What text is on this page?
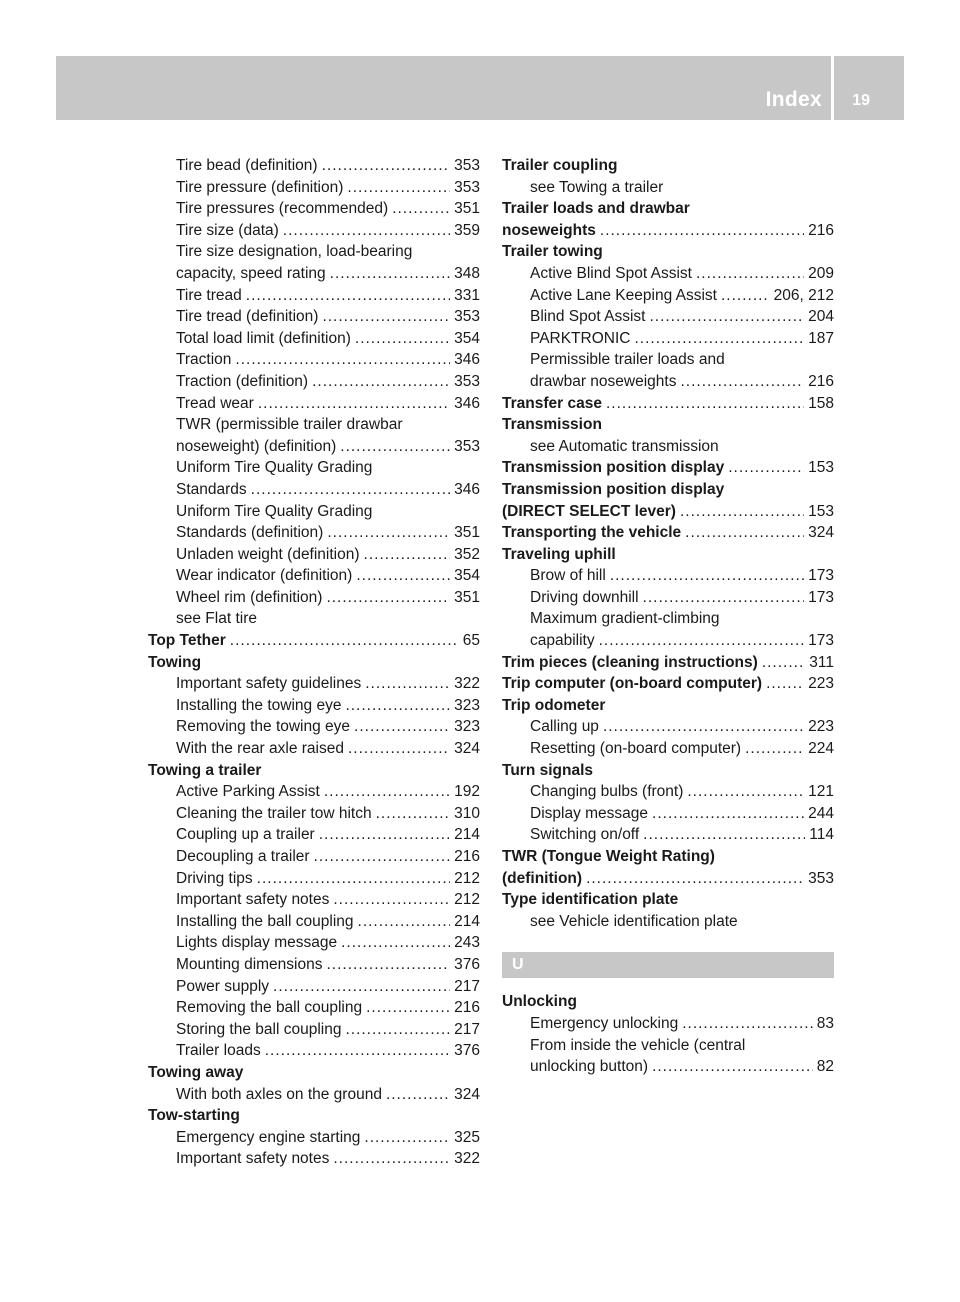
Index 19
Tire bead (definition) .....	353
Tire pressure (definition) .....	353
Tire pressures (recommended) .....	351
Tire size (data) .....	359
Tire size designation, load-bearing
capacity, speed rating .....	348
Tire tread .....	331
Tire tread (definition) .....	353
Total load limit (definition) .....	354
Traction .....	346
Traction (definition) .....	353
Tread wear .....	346
TWR (permissible trailer drawbar
noseweight) (definition) .....	353
Uniform Tire Quality Grading
Standards .....	346
Uniform Tire Quality Grading
Standards (definition) .....	351
Unladen weight (definition) .....	352
Wear indicator (definition) .....	354
Wheel rim (definition) .....	351
see Flat tire
Top Tether .....	65
Towing
Important safety guidelines .....	322
Installing the towing eye .....	323
Removing the towing eye .....	323
With the rear axle raised .....	324
Towing a trailer
Active Parking Assist .....	192
Cleaning the trailer tow hitch .....	310
Coupling up a trailer .....	214
Decoupling a trailer .....	216
Driving tips .....	212
Important safety notes .....	212
Installing the ball coupling .....	214
Lights display message .....	243
Mounting dimensions .....	376
Power supply .....	217
Removing the ball coupling .....	216
Storing the ball coupling .....	217
Trailer loads .....	376
Towing away
With both axles on the ground .....	324
Tow-starting
Emergency engine starting .....	325
Important safety notes .....	322
Trailer coupling
see Towing a trailer
Trailer loads and drawbar
noseweights .....	216
Trailer towing
Active Blind Spot Assist .....	209
Active Lane Keeping Assist .....	206, 212
Blind Spot Assist .....	204
PARKTRONIC .....	187
Permissible trailer loads and
drawbar noseweights .....	216
Transfer case .....	158
Transmission
see Automatic transmission
Transmission position display .....	153
Transmission position display
(DIRECT SELECT lever) .....	153
Transporting the vehicle .....	324
Traveling uphill
Brow of hill .....	173
Driving downhill .....	173
Maximum gradient-climbing
capability .....	173
Trim pieces (cleaning instructions) .....	311
Trip computer (on-board computer) .....	223
Trip odometer
Calling up .....	223
Resetting (on-board computer) .....	224
Turn signals
Changing bulbs (front) .....	121
Display message .....	244
Switching on/off .....	114
TWR (Tongue Weight Rating)
(definition) .....	353
Type identification plate
see Vehicle identification plate
U
Unlocking
Emergency unlocking .....	83
From inside the vehicle (central
unlocking button) .....	82
